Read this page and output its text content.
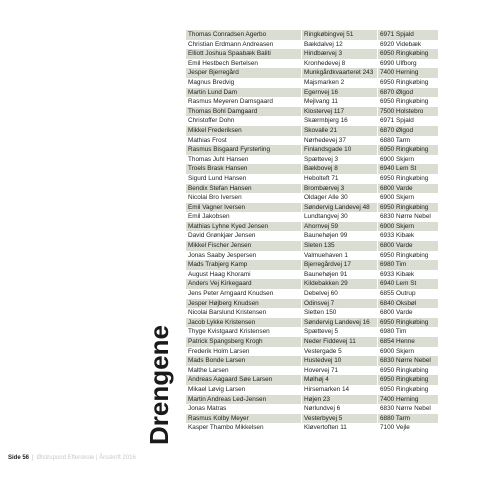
Drengene
Thomas Conradsen Agerbo	Ringkøbingvej 51	6971 Spjald
Christian Erdmann Andreasen	Bækdalvej 12	6920 Videbæk
Elliott Joshua Spaabæk Baliti	Hindbærvej 3	6950 Ringkøbing
Emil Hestbech Bertelsen	Kronhedevej 8	6990 Ulfborg
Jesper Bjerregård	Munkgårdkvaarteret 243	7400 Herning
Magnus Bredvig	Majsmarken 2	6950 Ringkøbing
Martin Lund Dam	Egernvej 16	6870 Ølgod
Rasmus Meyeren Damsgaard	Mejlvang 11	6950 Ringkøbing
Thomas Bohl Damgaard	Klostervej 117	7500 Holstebro
Christoffer Dohn	Skærmbjerg 16	6971 Spjald
Mikkel Frederiksen	Skovalle 21	6870 Ølgod
Mathias Frost	Nørhedevej 37	6880 Tarm
Rasmus Bisgaard Fyrsterling	Finlandsgade 10	6950 Ringkøbing
Thomas Juhl Hansen	Spættevej 3	6900 Skjern
Troels Brask Hansen	Bækbovej 8	6940 Lem St
Sigurd Lund Hansen	Hebolteft 71	6950 Ringkøbing
Bendix Stefan Hansen	Brombærvej 3	6800 Varde
Nicolai Bro Iversen	Oldager Alle 30	6900 Skjern
Emil Vagner Iversen	Søndervig Landevej 48	6950 Ringkøbing
Emil Jakobsen	Lundtangvej 30	6830 Nørre Nebel
Mathias Lyhne Kyed Jensen	Ahornvej 59	6900 Skjern
David Grønkjær Jensen	Baunehøjen 99	6933 Kibæk
Mikkel Fischer Jensen	Sleten 135	6800 Varde
Jonas Saaby Jespersen	Valmuehaven 1	6950 Ringkøbing
Mads Trabjerg Kamp	Bjerregårdvej 17	6980 Tim
August Haag Khorami	Baunehøjen 91	6933 Kibæk
Anders Vej Kirkegaard	Kildebakken 29	6940 Lem St
Jens Peter Arngaard Knudsen	Debelvej 60	6855 Outrup
Jesper Højberg Knudsen	Odinsvej 7	6840 Oksbøl
Nicolai Barslund Kristensen	Sletten 150	6800 Varde
Jacob Lykke Kristensen	Søndervig Landevej 16	6950 Ringkøbing
Thyge Kvistgaard Kristensen	Spættevej 5	6980 Tim
Patrick Spangsberg Krogh	Neder Fiddevej 11	6854 Henne
Frederik Holm Larsen	Vestergade 5	6900 Skjern
Mads Bonde Larsen	Hustedvej 10	6830 Nørre Nebel
Malthe Larsen	Hovervej 71	6950 Ringkøbing
Andreas Aagaard Søe Larsen	Mølhøj 4	6950 Ringkøbing
Mikael Løvig Larsen	Hirsemarken 14	6950 Ringkøbing
Martin Andreas Led-Jensen	Højen 23	7400 Herning
Jonas Matras	Nørlundvej 6	6830 Nørre Nebel
Rasmus Kolby Meyer	Vesterbyvej 5	6880 Tarm
Kasper Thambo Mikkelsen	Kløvertoften 11	7100 Vejle
Side 56 | Ølstrupund Efterskole | Årsskrift 2016
